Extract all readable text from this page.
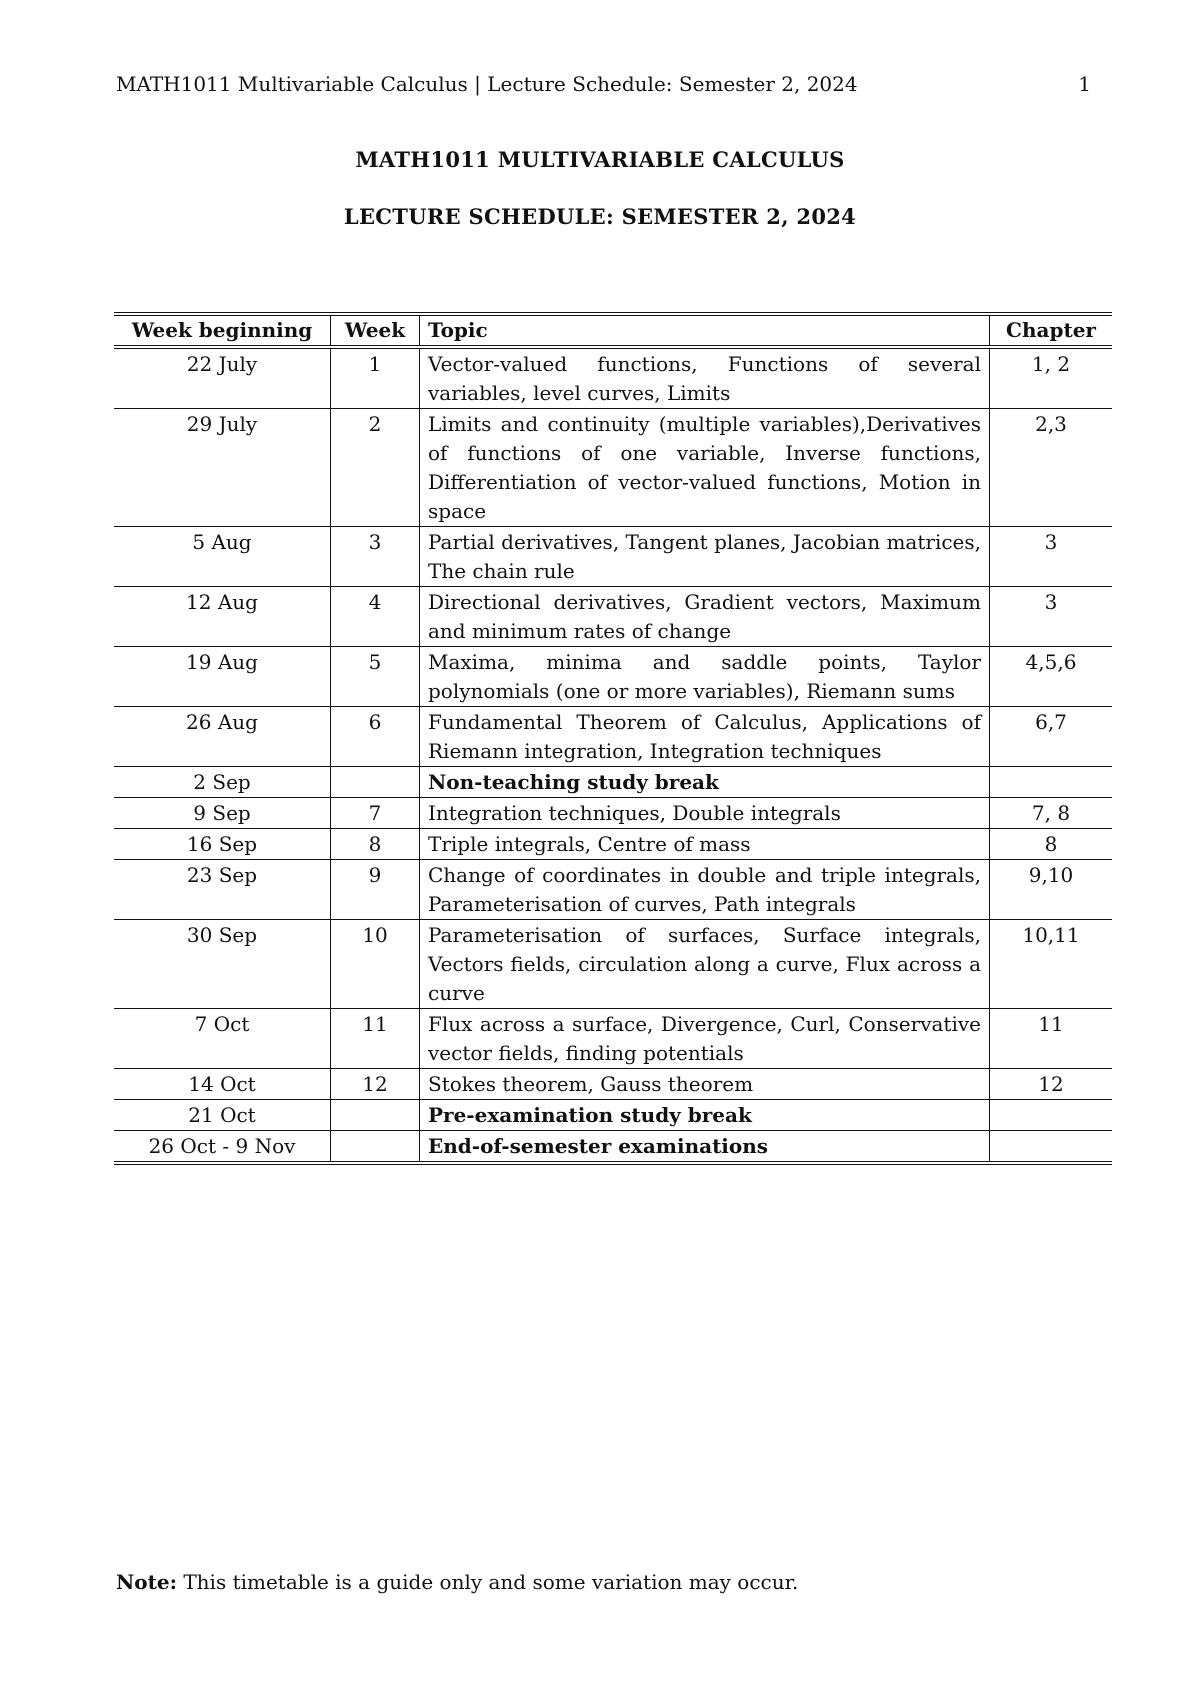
MATH1011 Multivariable Calculus | Lecture Schedule: Semester 2, 2024	1
MATH1011 MULTIVARIABLE CALCULUS
LECTURE SCHEDULE: SEMESTER 2, 2024
Week beginning	Week	Topic	Chapter
22 July	1	Vector-valued functions, Functions of several variables, level curves, Limits	1, 2
29 July	2	Limits and continuity (multiple variables),Derivatives of functions of one variable, Inverse functions, Differentiation of vector-valued functions, Motion in space	2,3
5 Aug	3	Partial derivatives, Tangent planes, Jacobian matrices, The chain rule	3
12 Aug	4	Directional derivatives, Gradient vectors, Maximum and minimum rates of change	3
19 Aug	5	Maxima, minima and saddle points, Taylor polynomials (one or more variables), Riemann sums	4,5,6
26 Aug	6	Fundamental Theorem of Calculus, Applications of Riemann integration, Integration techniques	6,7
2 Sep		Non-teaching study break	
9 Sep	7	Integration techniques, Double integrals	7, 8
16 Sep	8	Triple integrals, Centre of mass	8
23 Sep	9	Change of coordinates in double and triple integrals, Parameterisation of curves, Path integrals	9,10
30 Sep	10	Parameterisation of surfaces, Surface integrals, Vectors fields, circulation along a curve, Flux across a curve	10,11
7 Oct	11	Flux across a surface, Divergence, Curl, Conservative vector fields, finding potentials	11
14 Oct	12	Stokes theorem, Gauss theorem	12
21 Oct		Pre-examination study break	
26 Oct - 9 Nov		End-of-semester examinations	
Note: This timetable is a guide only and some variation may occur.
